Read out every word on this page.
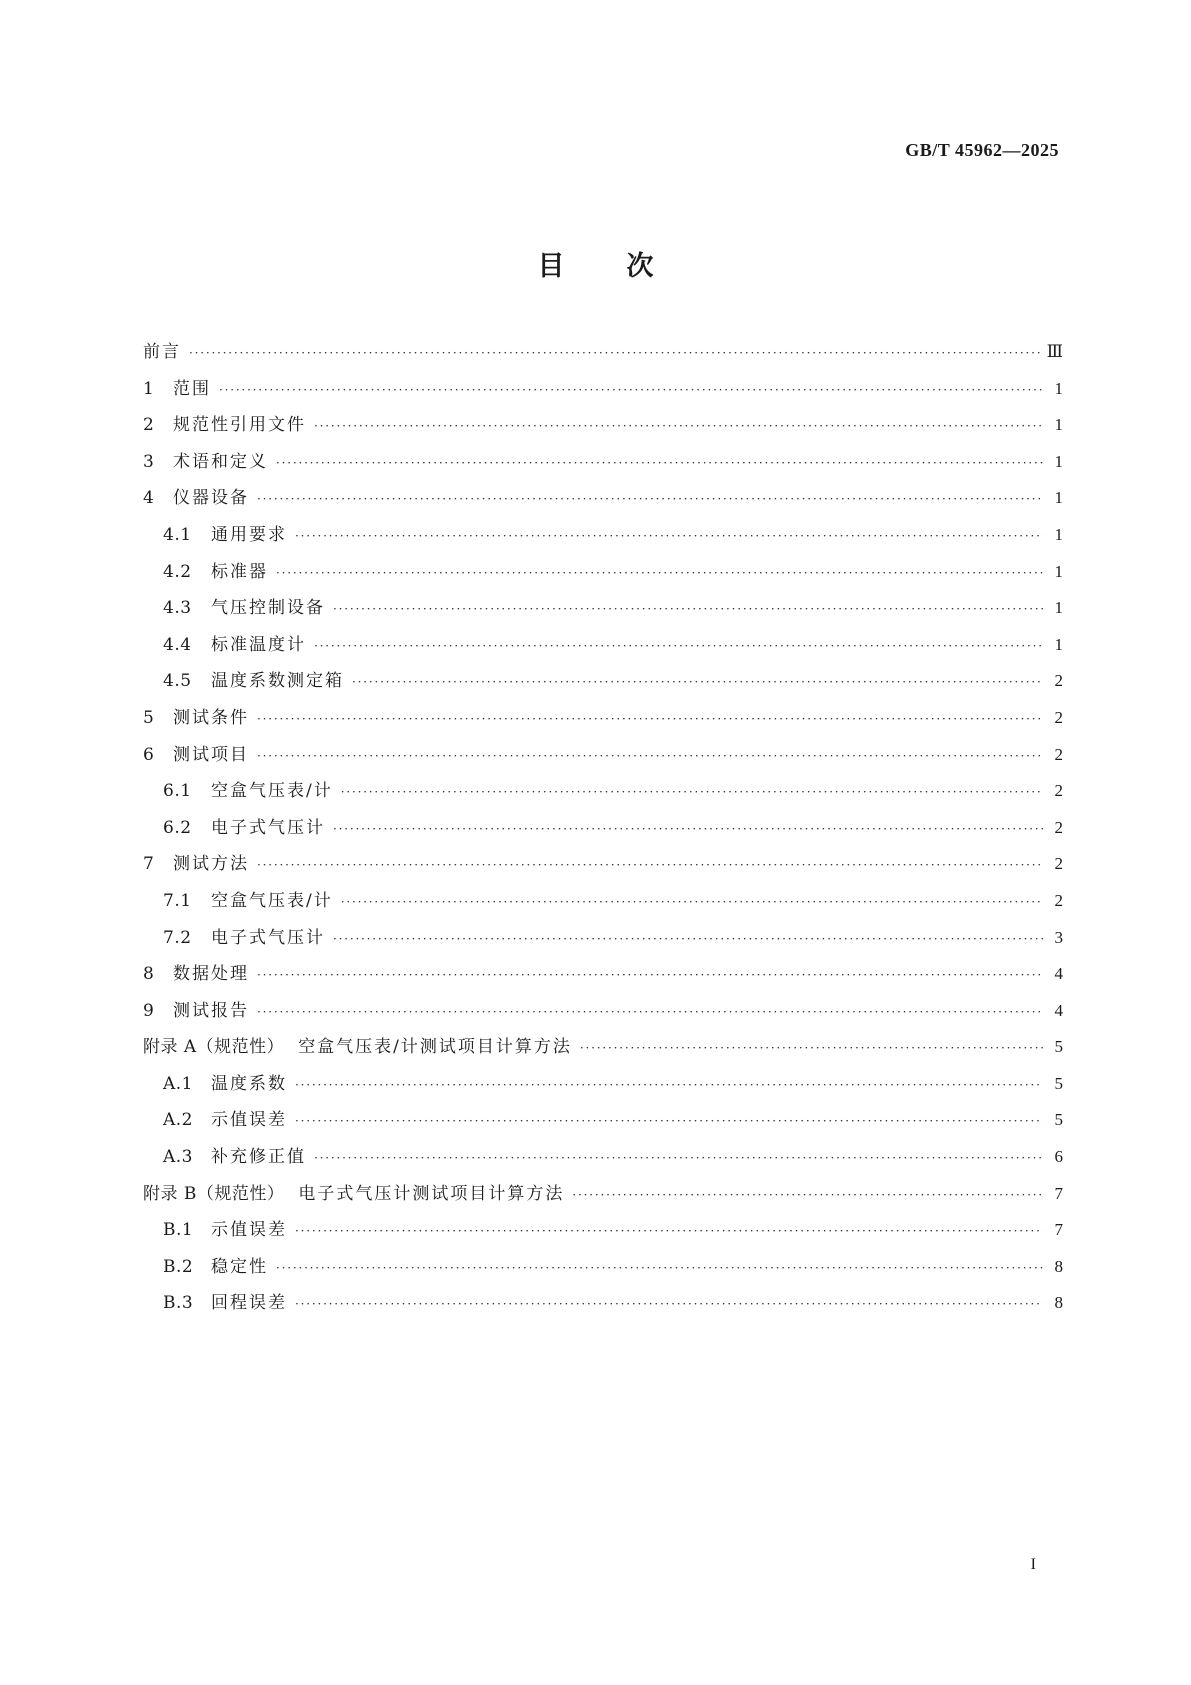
GB/T 45962—2025
目 次
前言 ·····	Ⅲ
1	范围 ·····	1
2	规范性引用文件 ·····	1
3	术语和定义 ·····	1
4	仪器设备 ·····	1
4.1	通用要求 ·····	1
4.2	标准器 ·····	1
4.3	气压控制设备 ·····	1
4.4	标准温度计 ·····	1
4.5	温度系数测定箱 ·····	2
5	测试条件 ·····	2
6	测试项目 ·····	2
6.1	空盒气压表/计 ·····	2
6.2	电子式气压计 ·····	2
7	测试方法 ·····	2
7.1	空盒气压表/计 ·····	2
7.2	电子式气压计 ·····	3
8	数据处理 ·····	4
9	测试报告 ·····	4
附录 A（规范性） 空盒气压表/计测试项目计算方法 ·····	5
A.1	温度系数 ·····	5
A.2	示值误差 ·····	5
A.3	补充修正值 ·····	6
附录 B（规范性） 电子式气压计测试项目计算方法 ·····	7
B.1	示值误差 ·····	7
B.2	稳定性 ·····	8
B.3	回程误差 ·····	8
I
